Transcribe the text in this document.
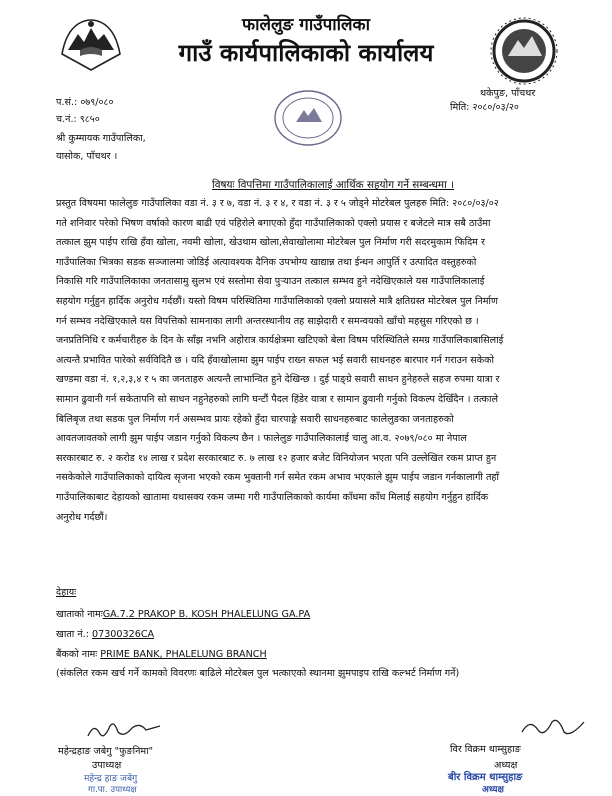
फालेलुङ गाउँपालिका
गाउँ कार्यपालिकाको कार्यालय
थकेपुङ, पाँचथर
मिति: २०८०/०३/२०
प.सं.: ०७९/०८०
च.नं.: ९८५०
श्री कुम्मायक गाउँपालिका,
यासोक, पाँचथर ।
विषयः विपत्तिमा गाउँपालिकालाई आर्थिक सहयोग गर्ने सम्बन्धमा ।
प्रस्तुत विषयमा फालेलुङ गाउँपालिका वडा नं. ३ र ७, वडा नं. ३ र ४, र वडा नं. ३ र ५ जोड्ने मोटरेबल पुलहरु मिति: २०८०/०३/०२
गते शनिवार परेको भिषण वर्षाको कारण बाढी एवं पहिरोले बगाएको हुँदा गाउँपालिकाको एक्लो प्रयास र बजेटले मात्र सबै ठाउँमा
तत्काल झुम पाईप राखि हँवा खोला, नवमी खोला, खेउथाम खोला,सेवाखोलामा मोटरेबल पुल निर्माण गरी सदरमुकाम फिदिम र
गाउँपालिका भित्रका सडक सञ्जालमा जोडिई अत्यावश्यक दैनिक उपभोग्य खाद्यान्न तथा ईन्धन आपुर्ति र उत्पादित वस्तुहरुको
निकासि गरि गाउँपालिकाका जनतासामु सुलभ एवं सस्तोमा सेवा पुऱ्याउन तत्काल सम्भव हुने नदेखिएकाले यस गाउँपालिकालाई
सहयोग गर्नुहुन हार्दिक अनुरोध गर्दछौं। यस्तो विषम परिस्थितिमा गाउँपालिकाको एक्लो प्रयासले मात्रै क्षतिग्रस्त मोटरेबल पुल निर्माण
गर्न सम्भव नदेखिएकाले यस विपत्तिको सामनाका लागी अन्तरस्थानीय तह साझेदारी र समन्वयको खाँचो महसुस गरिएको छ ।
जनप्रतिनिधि र कर्मचारीहरु के दिन के साँझ नभनि अहोरात्र कार्यक्षेत्रमा खटिएको बेला विषम परिस्थितिले समग्र गाउँपालिकाबासिलाई
अत्यन्तै प्रभावित पारेको सर्वविदितै छ । यदि हँवाखोलामा झुम पाईप राख्न सफल भई सवारी साधनहरु बारपार गर्न गराउन सकेको
खण्डमा वडा नं. १,२,३,४ र ५ का जनताहरु अत्यन्तै लाभान्वित हुने देखिन्छ । दुई पाङ्ग्रे सवारी साधन हुनेहरुले सहज रुपमा यात्रा र
सामान ढुवानी गर्न सकेतापनि सो साधन नहुनेहरुको लागि घन्टौं पैदल हिंडेर यात्रा र सामान ढुवानी गर्नुको विकल्प देखिँदैन । तत्काले
बिलिबृज तथा सडक पुल निर्माण गर्न असम्भव प्रायः रहेको हुँदा चारपाङ्गे सवारी साधनहरुबाट फालेलुङका जनताहरुको
आवतजावतको लागी झुम पाईप जडान गर्नुको विकल्प छैन । फालेलुङ गाउँपालिकालाई चालु आ.व. २०७९/०८० मा नेपाल
सरकारबाट रु. २ करोड १४ लाख र प्रदेश सरकारबाट रु. ७ लाख १२ हजार बजेट विनियोजन भएता पनि उल्लेखित रकम प्राप्त हुन
नसकेकोले गाउँपालिकाको दायित्व सृजना भएको रकम भुक्तानी गर्न समेत रकम अभाव भएकाले झुम पाईप जडान गर्नकालागी तहाँ
गाउँपालिकाबाट देहायको खातामा यथासक्य रकम जम्मा गरी गाउँपालिकाको कार्यमा काँधमा काँध मिलाई सहयोग गर्नुहुन हार्दिक
अनुरोध गर्दछौं।
देहायः
खाताको नामःGA.7.2 PRAKOP B. KOSH PHALELUNG GA.PA
खाता नं.: 07300326CA
बैंकको नामः PRIME BANK, PHALELUNG BRANCH
(संकलित रकम खर्च गर्ने कामको विवरणः बाढिले मोटरेबल पुल भत्काएको स्थानमा झुमपाइप राखि कल्भर्ट निर्माण गर्ने)
महेन्द्रहाङ जबेगु "फुङनिमा"
उपाध्यक्ष
महेन्द्र हाङ जबेगु
गा.पा. उपाध्यक्ष
विर विक्रम थाम्सुहाङ
अध्यक्ष
बीर विक्रम थाम्सुहाङ
अध्यक्ष
